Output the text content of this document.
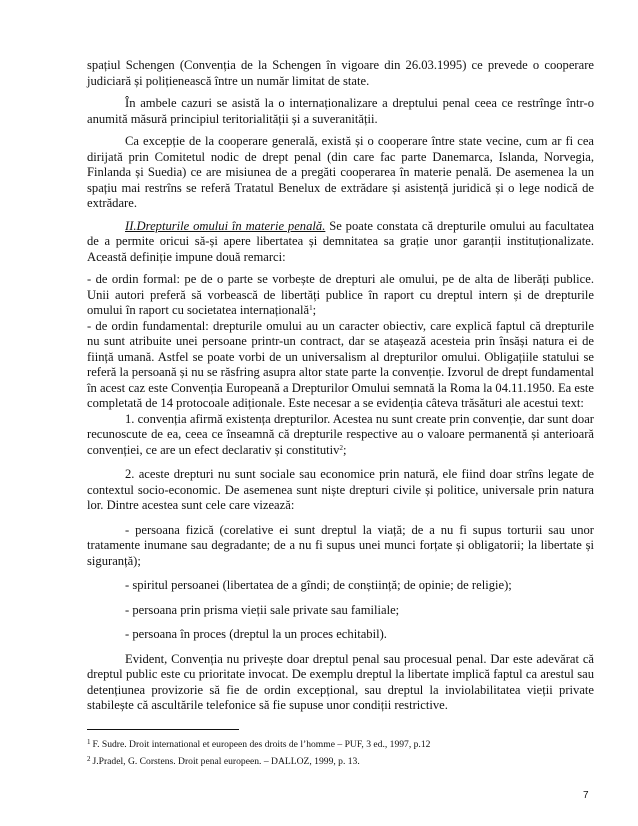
spațiul Schengen (Convenția de la Schengen în vigoare din 26.03.1995) ce prevede o cooperare judiciară și polițienească între un număr limitat de state.

În ambele cazuri se asistă la o internaționalizare a dreptului penal ceea ce restrînge într-o anumită măsură principiul teritorialității și a suveranității.

Ca excepție de la cooperare generală, există și o cooperare între state vecine, cum ar fi cea dirijată prin Comitetul nodic de drept penal (din care fac parte Danemarca, Islanda, Norvegia, Finlanda și Suedia) ce are misiunea de a pregăti cooperarea în materie penală. De asemenea la un spațiu mai restrîns se referă Tratatul Benelux de extrădare și asistență juridică și o lege nodică de extrădare.

II.Drepturile omului în materie penală. Se poate constata că drepturile omului au facultatea de a permite oricui să-și apere libertatea și demnitatea sa grație unor garanții instituționalizate. Această definiție impune două remarci:

- de ordin formal: pe de o parte se vorbește de drepturi ale omului, pe de alta de liberăți publice. Unii autori preferă să vorbească de libertăți publice în raport cu dreptul intern și de drepturile omului în raport cu societatea internațională$^1$;

- de ordin fundamental: drepturile omului au un caracter obiectiv, care explică faptul că drepturile nu sunt atribuite unei persoane printr-un contract, dar se atașează acesteia prin însăși natura ei de ființă umană. Astfel se poate vorbi de un universalism al drepturilor omului. Obligațiile statului se referă la persoană și nu se răsfring asupra altor state parte la convenție. Izvorul de drept fundamental în acest caz este Convenția Europeană a Drepturilor Omului semnată la Roma la 04.11.1950. Ea este completată de 14 protocoale adiționale. Este necesar a se evidenția câteva trăsături ale acestui text:

1. convenția afirmă existența drepturilor. Acestea nu sunt create prin convenție, dar sunt doar recunoscute de ea, ceea ce înseamnă că drepturile respective au o valoare permanentă și anterioară convenției, ce are un efect declarativ și constitutiv$^2$;

2. aceste drepturi nu sunt sociale sau economice prin natură, ele fiind doar strîns legate de contextul socio-economic. De asemenea sunt niște drepturi civile și politice, universale prin natura lor. Dintre acestea sunt cele care vizează:

- persoana fizică (corelative ei sunt dreptul la viață; de a nu fi supus torturii sau unor tratamente inumane sau degradante; de a nu fi supus unei munci forțate și obligatorii; la libertate și siguranță);

- spiritul persoanei (libertatea de a gîndi; de conștiință; de opinie; de religie);

- persoana prin prisma vieții sale private sau familiale;

- persoana în proces (dreptul la un proces echitabil).

Evident, Convenția nu privește doar dreptul penal sau procesual penal. Dar este adevărat că dreptul public este cu prioritate invocat. De exemplu dreptul la libertate implică faptul ca arestul sau detențiunea provizorie să fie de ordin excepțional, sau dreptul la inviolabilitatea vieții private stabilește că ascultările telefonice să fie supuse unor condiții restrictive.

$^1$ F. Sudre. Droit international et europeen des droits de l’homme – PUF, 3 ed., 1997, p.12
$^2$ J.Pradel, G. Corstens. Droit penal europeen. – DALLOZ, 1999, p. 13.
7
